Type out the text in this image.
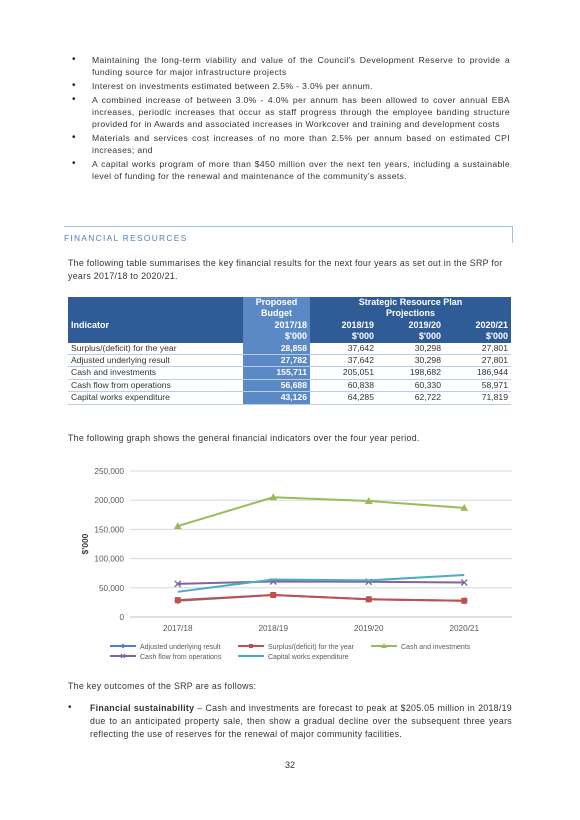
• Maintaining the long-term viability and value of the Council's Development Reserve to provide a funding source for major infrastructure projects
• Interest on investments estimated between 2.5% - 3.0% per annum.
• A combined increase of between 3.0% - 4.0% per annum has been allowed to cover annual EBA increases, periodic increases that occur as staff progress through the employee banding structure provided for in Awards and associated increases in Workcover and training and development costs
• Materials and services cost increases of no more than 2.5% per annum based on estimated CPI increases; and
• A capital works program of more than $450 million over the next ten years, including a sustainable level of funding for the renewal and maintenance of the community's assets.
FINANCIAL RESOURCES

The following table summarises the key financial results for the next four years as set out in the SRP for years 2017/18 to 2020/21.

	Proposed	Strategic Resource Plan		
	Budget	Projections		
Indicator	2017/18	2018/19	2019/20	2020/21
	$'000	$'000	$'000	$'000
Surplus/(deficit) for the year	28,858	37,642	30,298	27,801
Adjusted underlying result	27,782	37,642	30,298	27,801
Cash and investments	155,711	205,051	198,682	186,944
Cash flow from operations	56,688	60,838	60,330	58,971
Capital works expenditure	43,126	64,285	62,722	71,819

The following graph shows the general financial indicators over the four year period.

0
50,000
100,000
150,000
200,000
250,000
2017/18	2018/19	2019/20	2020/21
$'000
Adjusted underlying result	Surplus/(deficit) for the year	Cash and investments
Cash flow from operations	Capital works expenditure

The key outcomes of the SRP are as follows:

• Financial sustainability – Cash and investments are forecast to peak at $205.05 million in 2018/19 due to an anticipated property sale, then show a gradual decline over the subsequent three years reflecting the use of reserves for the renewal of major community facilities.
32
